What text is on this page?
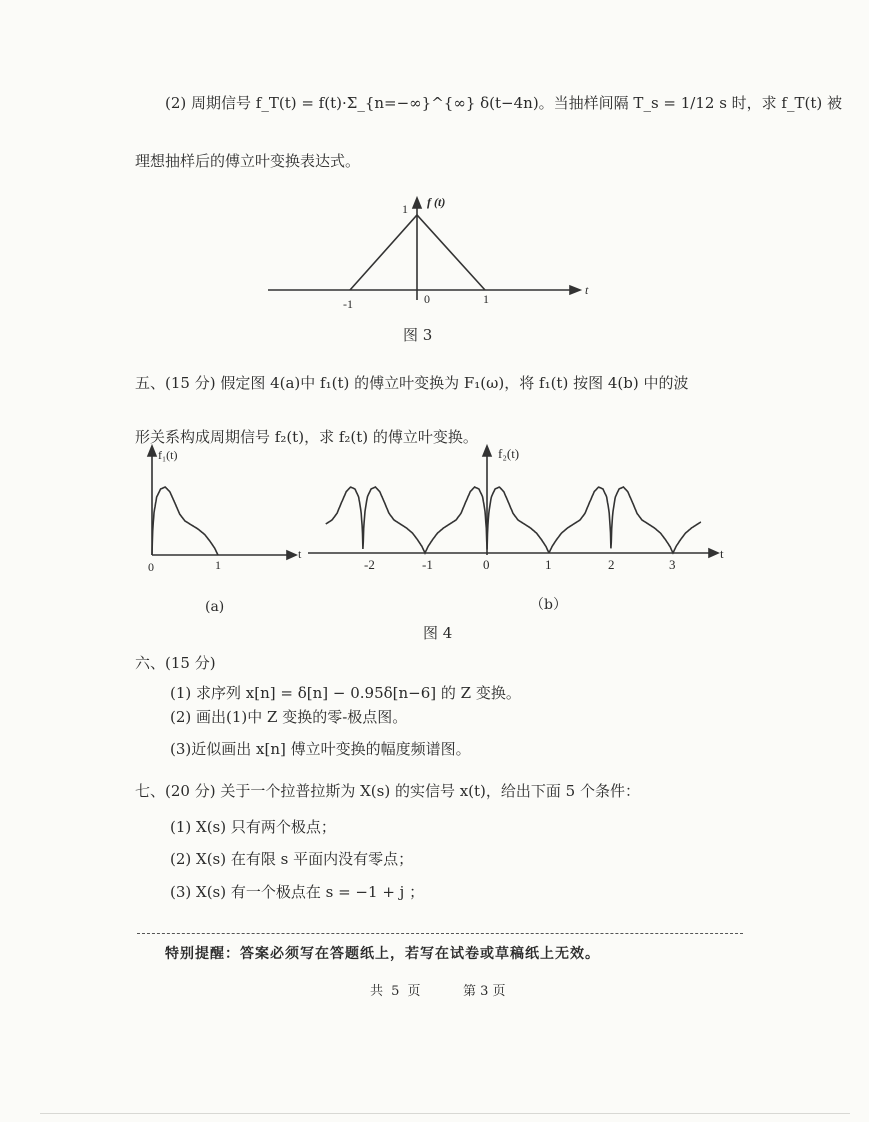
(2) 周期信号 f_T(t) = f(t)·Σ_{n=−∞}^{∞} δ(t−4n)。当抽样间隔 T_s = 1/12 s 时，求 f_T(t) 被
理想抽样后的傅立叶变换表达式。
1 f (t)
-1	0	1
t
图 3
五、(15 分) 假定图 4(a)中 f₁(t) 的傅立叶变换为 F₁(ω)，将 f₁(t) 按图 4(b) 中的波
形关系构成周期信号 f₂(t)，求 f₂(t) 的傅立叶变换。
f₁(t)
0	1
t
f₂(t)
-2	-1	0	1	2	3
t
(a)	（b）
图 4
六、(15 分)
(1) 求序列 x[n] = δ[n] − 0.95δ[n−6] 的 Z 变换。
(2) 画出(1)中 Z 变换的零-极点图。
(3)近似画出 x[n] 傅立叶变换的幅度频谱图。
七、(20 分) 关于一个拉普拉斯为 X(s) 的实信号 x(t)，给出下面 5 个条件：
(1) X(s) 只有两个极点；
(2) X(s) 在有限 s 平面内没有零点；
(3) X(s) 有一个极点在 s = −1 + j ；
特别提醒：答案必须写在答题纸上，若写在试卷或草稿纸上无效。
共 5 页	第 3 页
